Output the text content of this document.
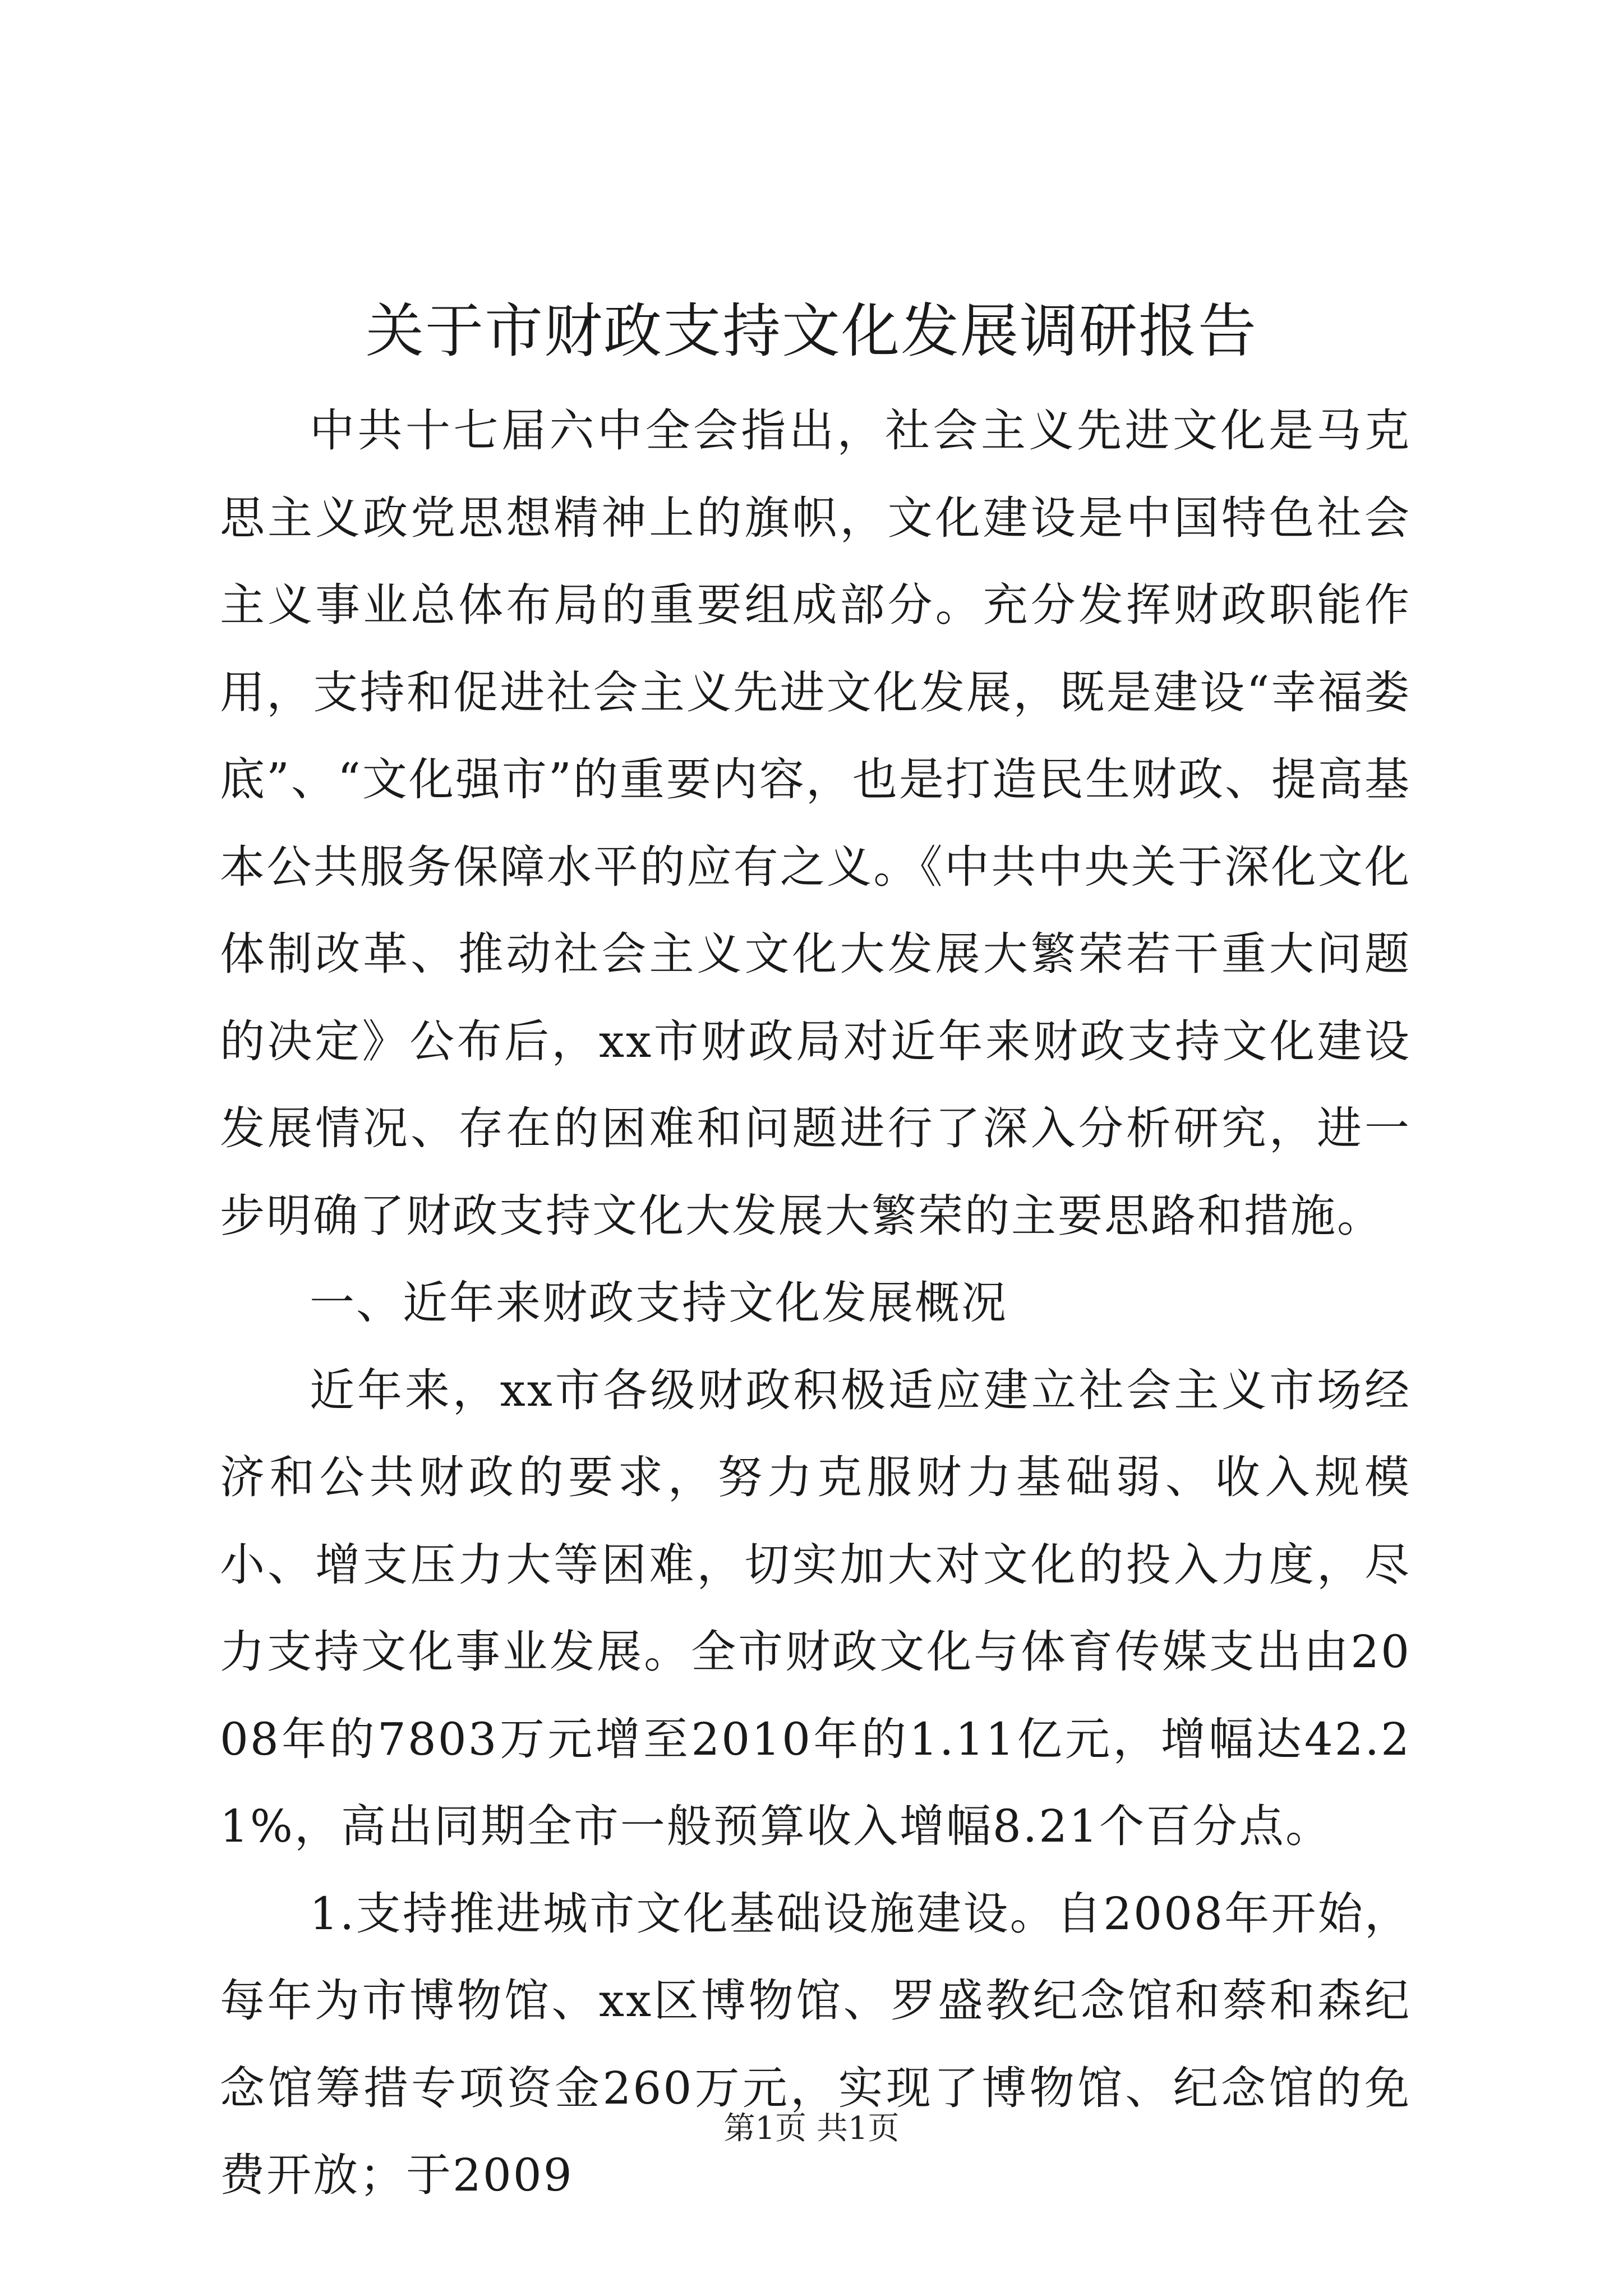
关于市财政支持文化发展调研报告

中共十七届六中全会指出，社会主义先进文化是马克思主义政党思想精神上的旗帜，文化建设是中国特色社会主义事业总体布局的重要组成部分。充分发挥财政职能作用，支持和促进社会主义先进文化发展，既是建设“幸福娄底”、“文化强市”的重要内容，也是打造民生财政、提高基本公共服务保障水平的应有之义。《中共中央关于深化文化体制改革、推动社会主义文化大发展大繁荣若干重大问题的决定》公布后，xx市财政局对近年来财政支持文化建设发展情况、存在的困难和问题进行了深入分析研究，进一步明确了财政支持文化大发展大繁荣的主要思路和措施。

一、近年来财政支持文化发展概况

近年来，xx市各级财政积极适应建立社会主义市场经济和公共财政的要求，努力克服财力基础弱、收入规模小、增支压力大等困难，切实加大对文化的投入力度，尽力支持文化事业发展。全市财政文化与体育传媒支出由2008年的7803万元增至2010年的1.11亿元，增幅达42.21%，高出同期全市一般预算收入增幅8.21个百分点。

1.支持推进城市文化基础设施建设。自2008年开始，每年为市博物馆、xx区博物馆、罗盛教纪念馆和蔡和森纪念馆筹措专项资金260万元，实现了博物馆、纪念馆的免费开放；于2009

第1页 共1页
